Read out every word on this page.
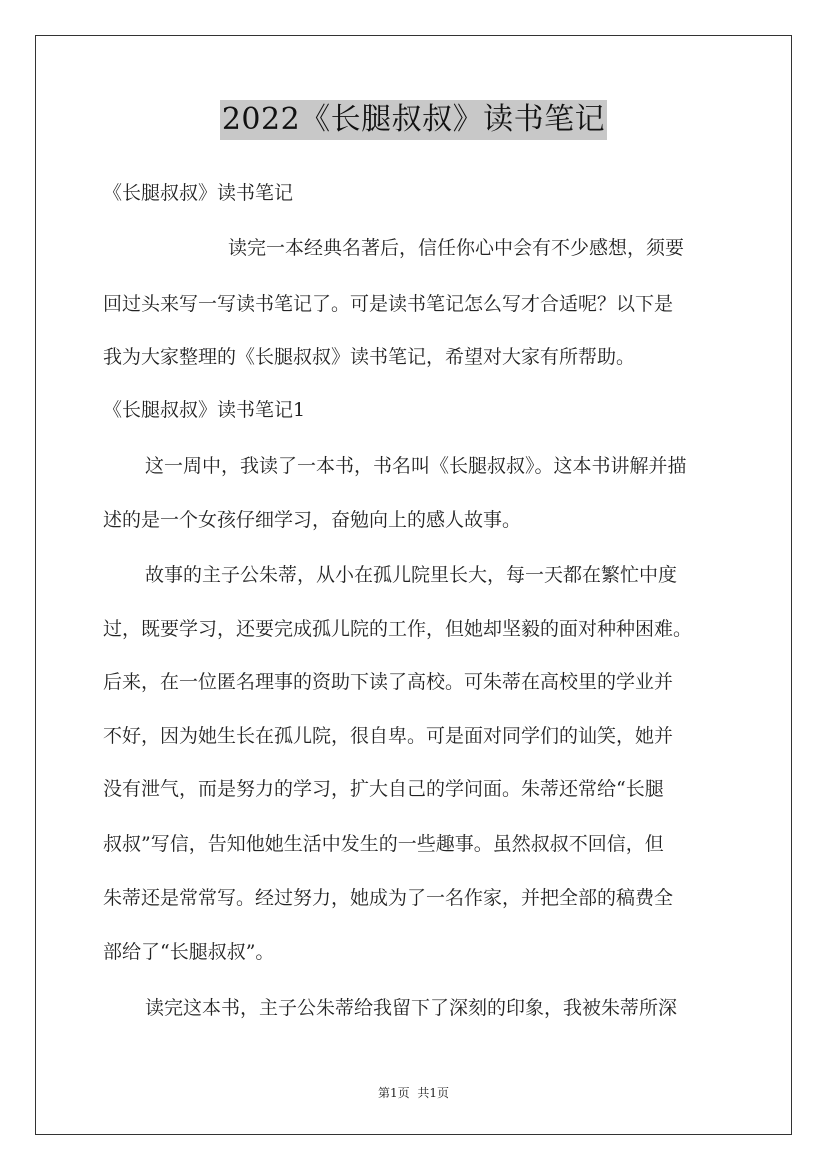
2022《长腿叔叔》读书笔记
《长腿叔叔》读书笔记
读完一本经典名著后，信任你心中会有不少感想，须要
回过头来写一写读书笔记了。可是读书笔记怎么写才合适呢？以下是
我为大家整理的《长腿叔叔》读书笔记，希望对大家有所帮助。
《长腿叔叔》读书笔记1
这一周中，我读了一本书，书名叫《长腿叔叔》。这本书讲解并描
述的是一个女孩仔细学习，奋勉向上的感人故事。
故事的主子公朱蒂，从小在孤儿院里长大，每一天都在繁忙中度
过，既要学习，还要完成孤儿院的工作，但她却坚毅的面对种种困难。
后来，在一位匿名理事的资助下读了高校。可朱蒂在高校里的学业并
不好，因为她生长在孤儿院，很自卑。可是面对同学们的讪笑，她并
没有泄气，而是努力的学习，扩大自己的学问面。朱蒂还常给“长腿
叔叔”写信，告知他她生活中发生的一些趣事。虽然叔叔不回信，但
朱蒂还是常常写。经过努力，她成为了一名作家，并把全部的稿费全
部给了“长腿叔叔”。
读完这本书，主子公朱蒂给我留下了深刻的印象，我被朱蒂所深
第1页 共1页
